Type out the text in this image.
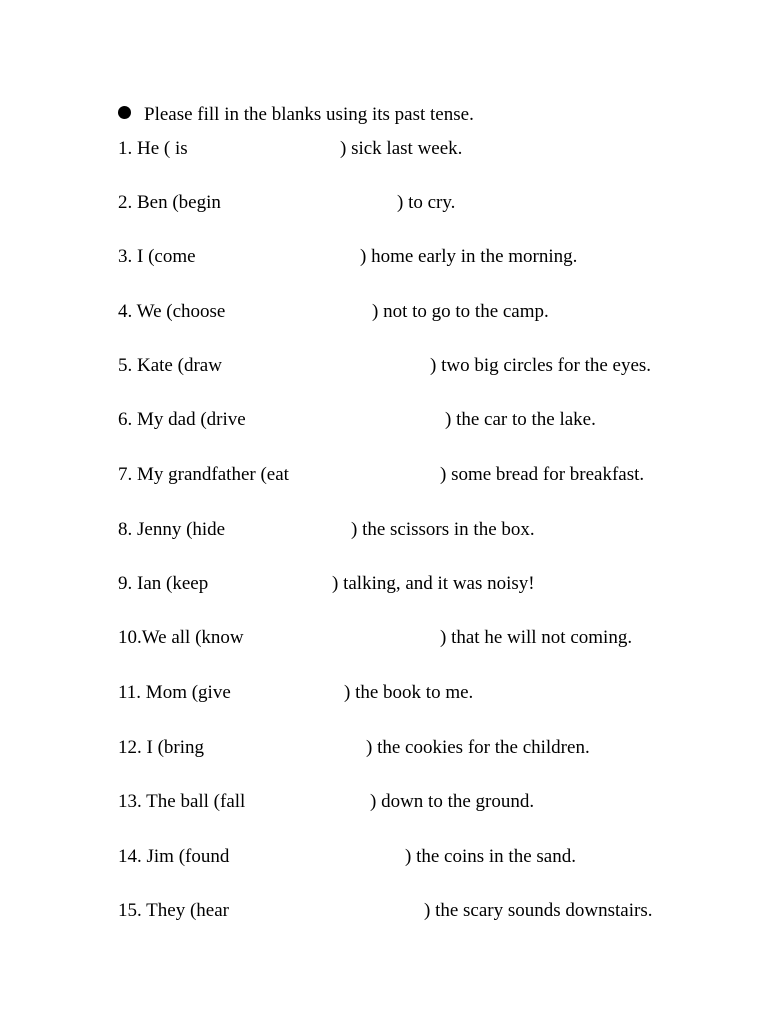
Please fill in the blanks using its past tense.
1. He ( is	) sick last week.
2. Ben (begin	) to cry.
3. I (come	) home early in the morning.
4. We (choose	) not to go to the camp.
5. Kate (draw	) two big circles for the eyes.
6. My dad (drive	) the car to the lake.
7. My grandfather (eat	) some bread for breakfast.
8. Jenny (hide	) the scissors in the box.
9. Ian (keep	) talking, and it was noisy!
10.We all (know	) that he will not coming.
11. Mom (give	) the book to me.
12. I (bring	) the cookies for the children.
13. The ball (fall	) down to the ground.
14. Jim (found	) the coins in the sand.
15. They (hear	) the scary sounds downstairs.
